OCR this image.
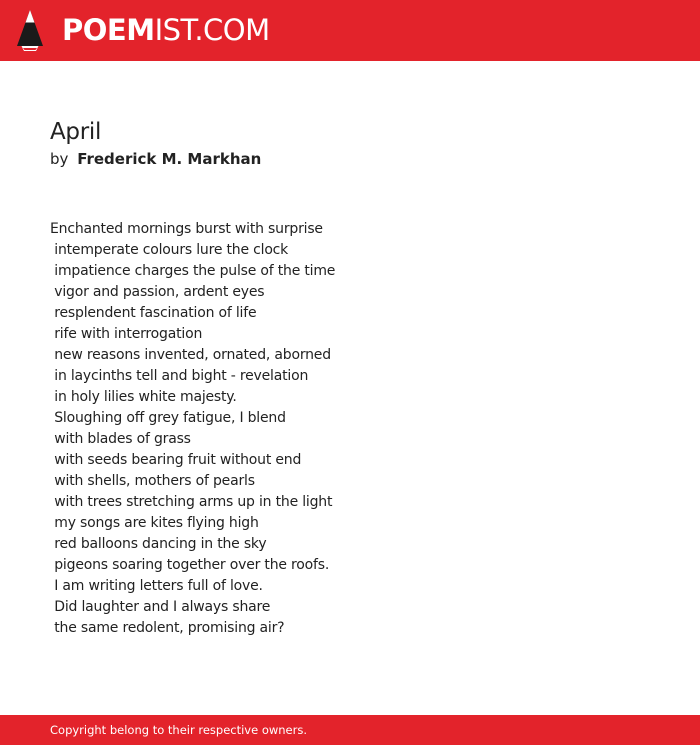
POEMIST.COM
April
by Frederick M. Markhan
Enchanted mornings burst with surprise
intemperate colours lure the clock
impatience charges the pulse of the time
vigor and passion, ardent eyes
resplendent fascination of life
rife with interrogation
new reasons invented, ornated, aborned
in laycinths tell and bight - revelation
in holy lilies white majesty.
Sloughing off grey fatigue, I blend
with blades of grass
with seeds bearing fruit without end
with shells, mothers of pearls
with trees stretching arms up in the light
my songs are kites flying high
red balloons dancing in the sky
pigeons soaring together over the roofs.
I am writing letters full of love.
Did laughter and I always share
the same redolent, promising air?
Copyright belong to their respective owners.
